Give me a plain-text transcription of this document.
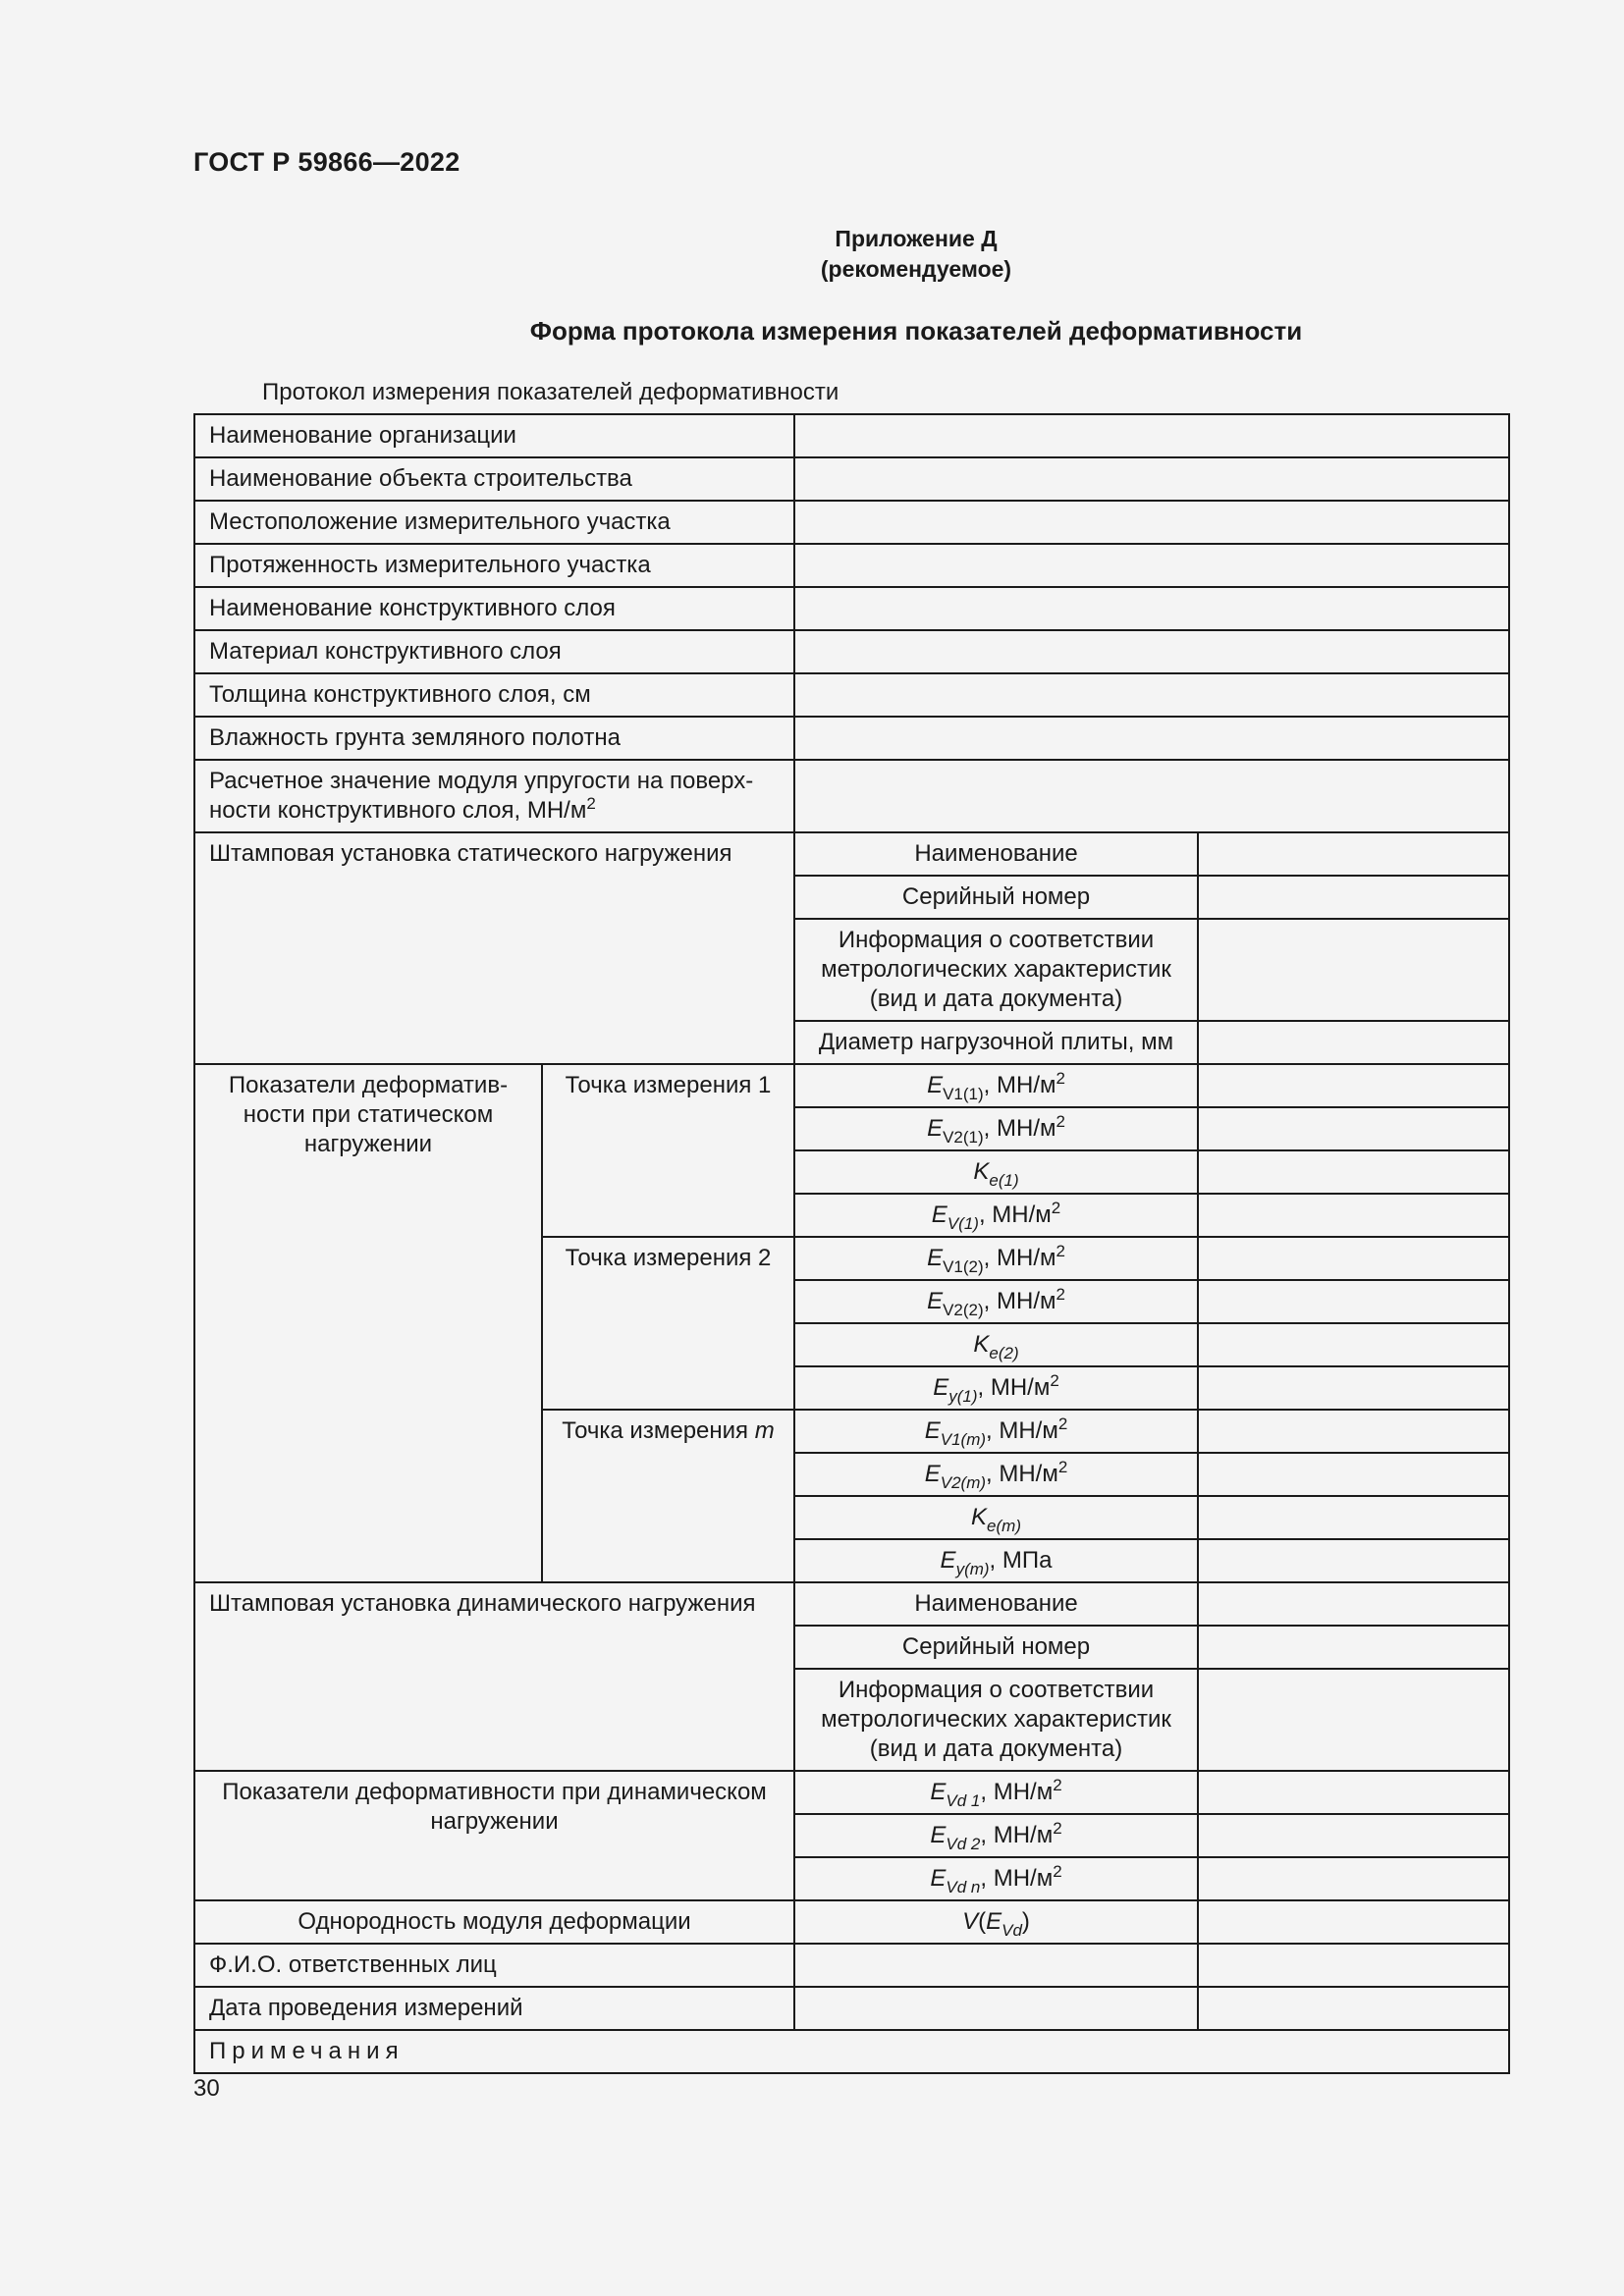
ГОСТ Р 59866—2022
Приложение Д
(рекомендуемое)
Форма протокола измерения показателей деформативности
Протокол измерения показателей деформативности
Наименование организации			
Наименование объекта строительства			
Местоположение измерительного участка			
Протяженность измерительного участка			
Наименование конструктивного слоя			
Материал конструктивного слоя			
Толщина конструктивного слоя, см			
Влажность грунта земляного полотна			
Расчетное значение модуля упругости на поверх-ности конструктивного слоя, $МН/м^2$	
Штамповая установка статического нагружения		Наименование	
		Серийный номер	
		Информация о соответствии метрологических характеристик (вид и дата документа)	
		Диаметр нагрузочной плиты, мм	
Показатели деформатив-ности при статическом нагружении	Точка измерения 1	$E_{V1(1)}$, $МН/м^2$	
		$E_{V2(1)}$, $МН/м^2$	
		$K_{e(1)}$	
		$E_{V(1)}$, $МН/м^2$	
	Точка измерения 2	$E_{V1(2)}$, $МН/м^2$	
		$E_{V2(2)}$, $МН/м^2$	
		$K_{e(2)}$	
		$E_{y(1)}$, $МН/м^2$	
	Точка измерения m	$E_{V1(m)}$, $МН/м^2$	
		$E_{V2(m)}$, $МН/м^2$	
		$K_{e(m)}$	
		$E_{y(m)}$, МПа	
Штамповая установка динамического нагружения		Наименование	
		Серийный номер	
		Информация о соответствии метрологических характеристик (вид и дата документа)	
Показатели деформативности при динамическом нагружении		$E_{Vd 1}$, $МН/м^2$	
		$E_{Vd 2}$, $МН/м^2$	
		$E_{Vd n}$, $МН/м^2$	
Однородность модуля деформации		$V(E_{Vd})$	
Ф.И.О. ответственных лиц			
Дата проведения измерений			
Примечания			
30
